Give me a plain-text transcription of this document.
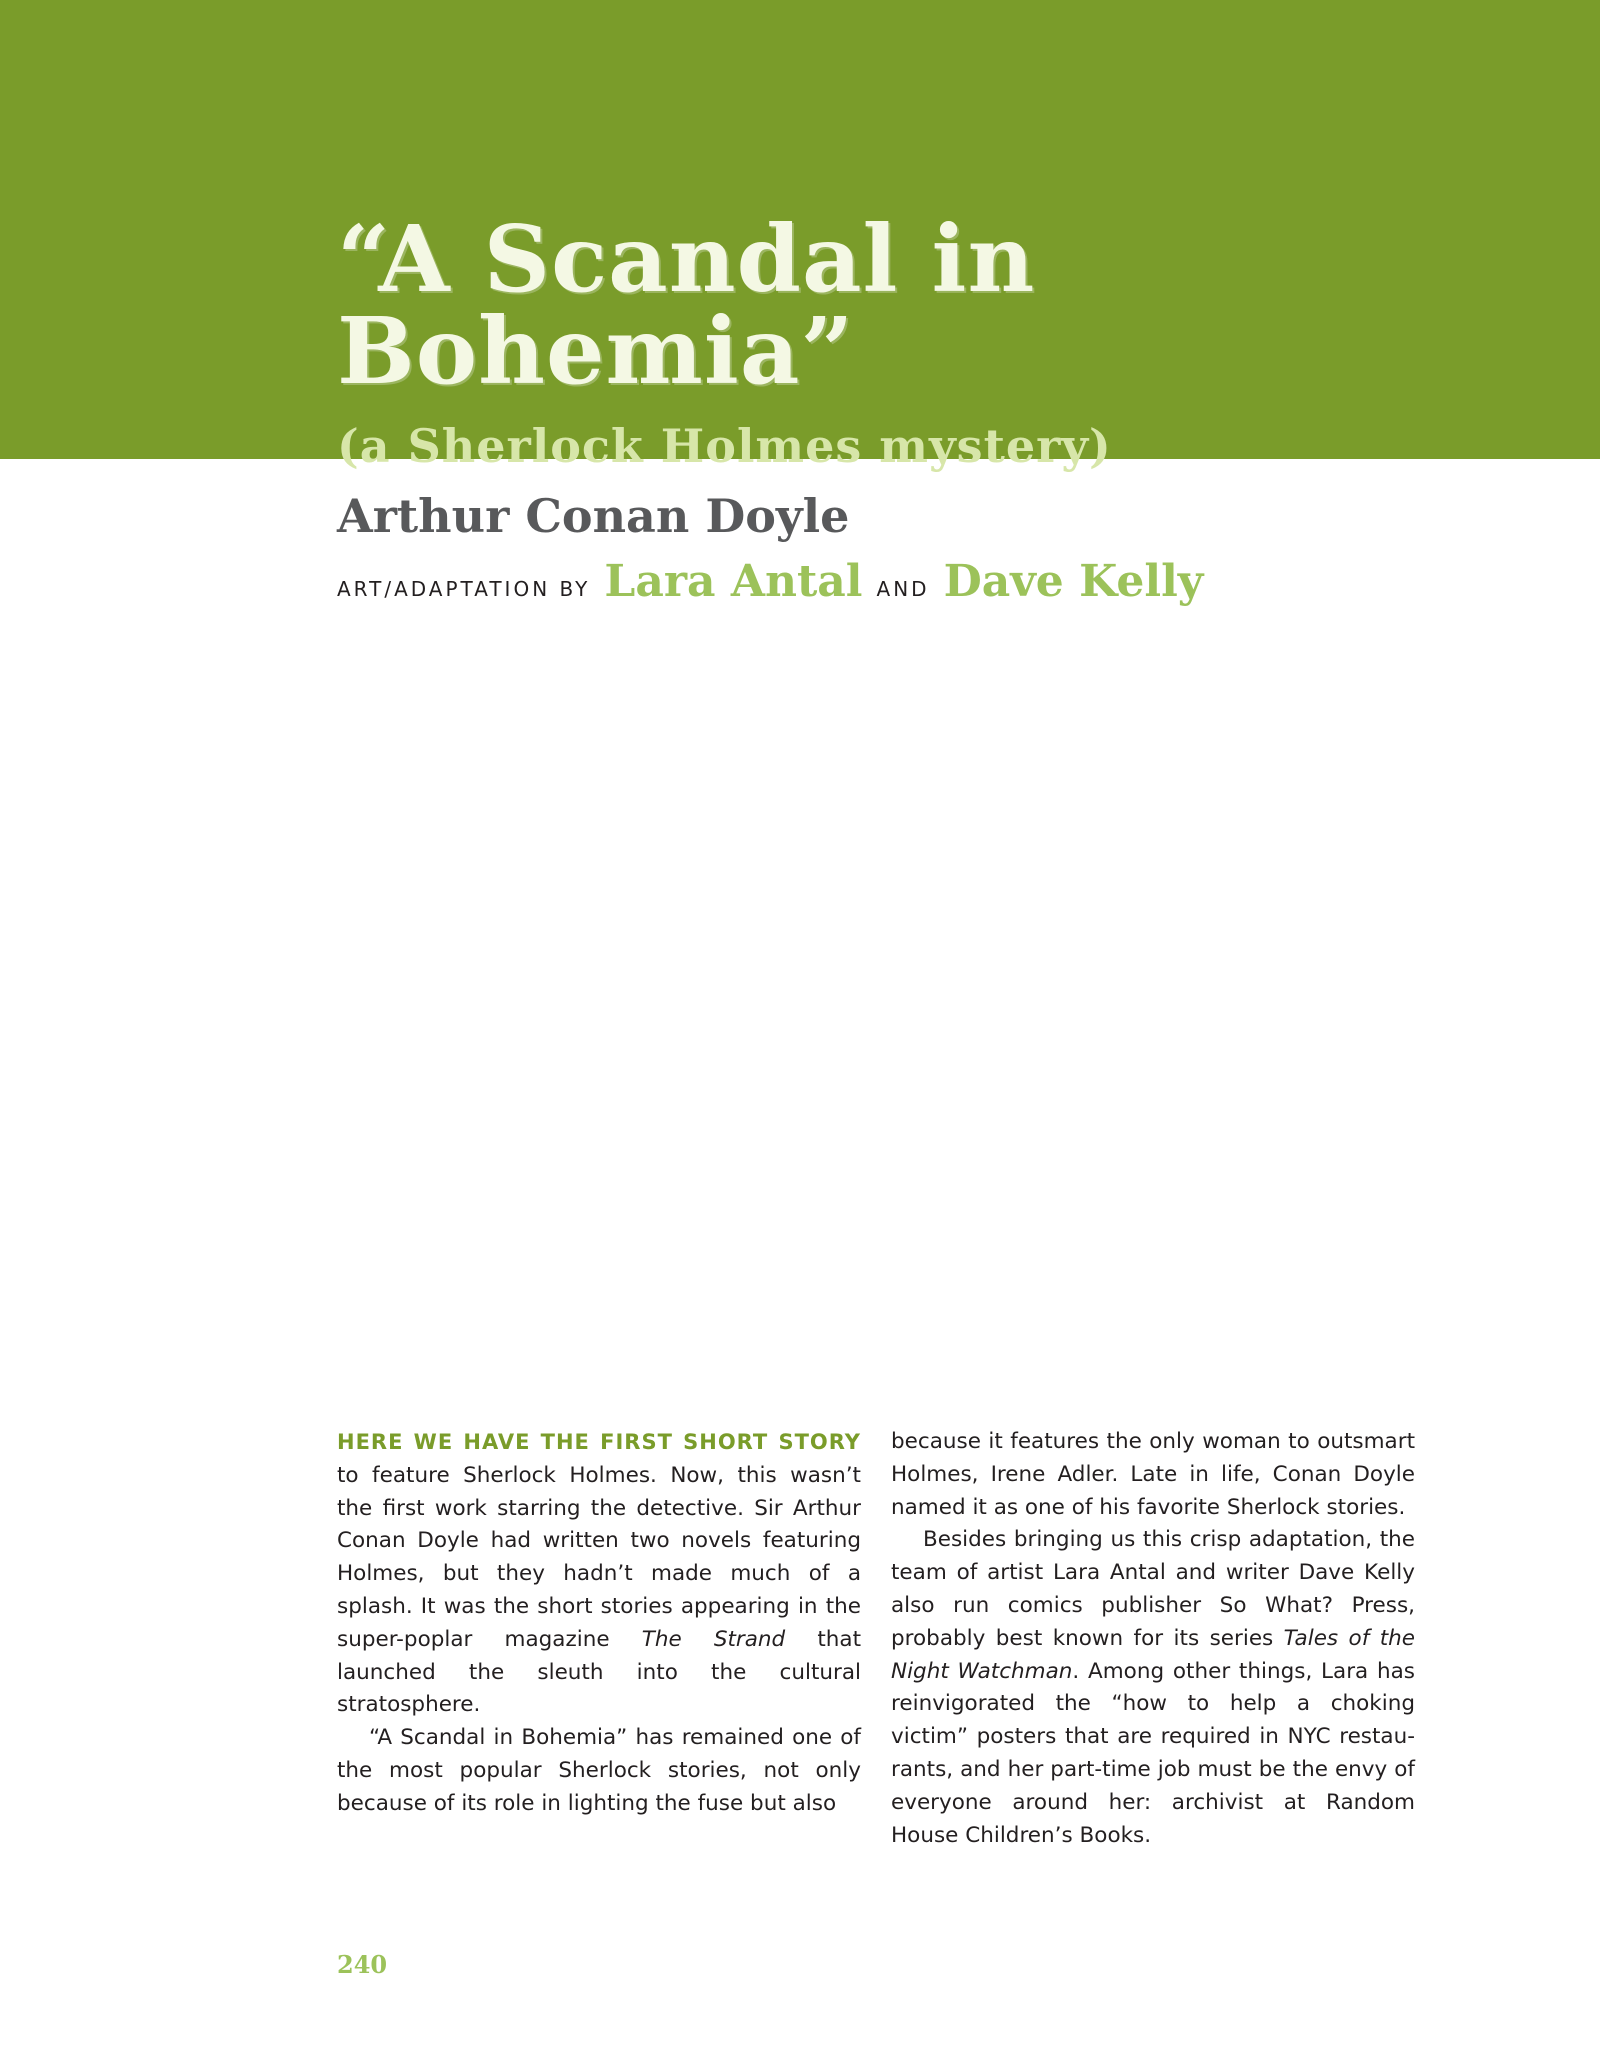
“A Scandal in
Bohemia”
(a Sherlock Holmes mystery)
Arthur Conan Doyle
ART/ADAPTATION BY Lara Antal AND Dave Kelly

HERE WE HAVE THE FIRST SHORT STORY to feature Sherlock Holmes. Now, this wasn’t the first work starring the detective. Sir Arthur Conan Doyle had written two novels featuring Holmes, but they hadn’t made much of a splash. It was the short stories appearing in the super-poplar magazine The Strand that launched the sleuth into the cultural stratosphere.

“A Scandal in Bohemia” has remained one of the most popular Sherlock stories, not only because of its role in lighting the fuse but also

because it features the only woman to outsmart Holmes, Irene Adler. Late in life, Conan Doyle named it as one of his favorite Sherlock stories.

Besides bringing us this crisp adaptation, the team of artist Lara Antal and writer Dave Kelly also run comics publisher So What? Press, probably best known for its series Tales of the Night Watchman. Among other things, Lara has reinvigorated the “how to help a choking victim” posters that are required in NYC restau-rants, and her part-time job must be the envy of everyone around her: archivist at Random House Children’s Books.

240
